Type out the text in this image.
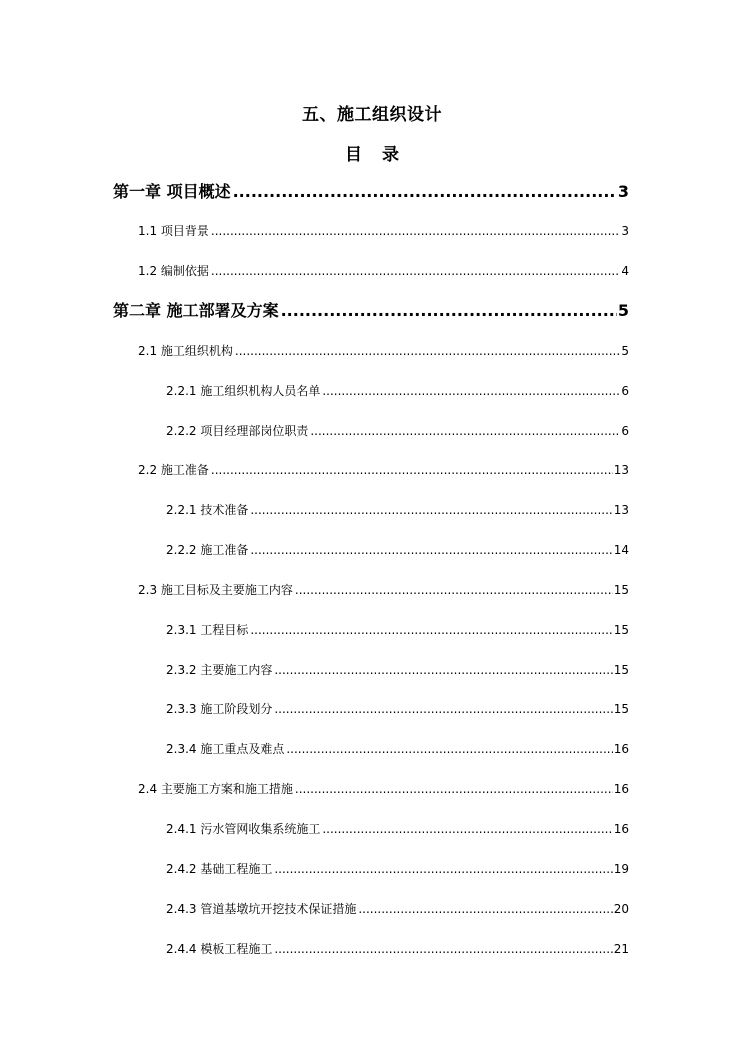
五、施工组织设计
目 录
第一章 项目概述 .....	3
1.1 项目背景 .....	3
1.2 编制依据 .....	4
第二章 施工部署及方案 .....	5
2.1 施工组织机构 .....	5
2.2.1 施工组织机构人员名单 .....	6
2.2.2 项目经理部岗位职责 .....	6
2.2 施工准备 .....	13
2.2.1 技术准备 .....	13
2.2.2 施工准备 .....	14
2.3 施工目标及主要施工内容 .....	15
2.3.1 工程目标 .....	15
2.3.2 主要施工内容 .....	15
2.3.3 施工阶段划分 .....	15
2.3.4 施工重点及难点 .....	16
2.4 主要施工方案和施工措施 .....	16
2.4.1 污水管网收集系统施工 .....	16
2.4.2 基础工程施工 .....	19
2.4.3 管道基墩坑开挖技术保证措施 .....	20
2.4.4 模板工程施工 .....	21
